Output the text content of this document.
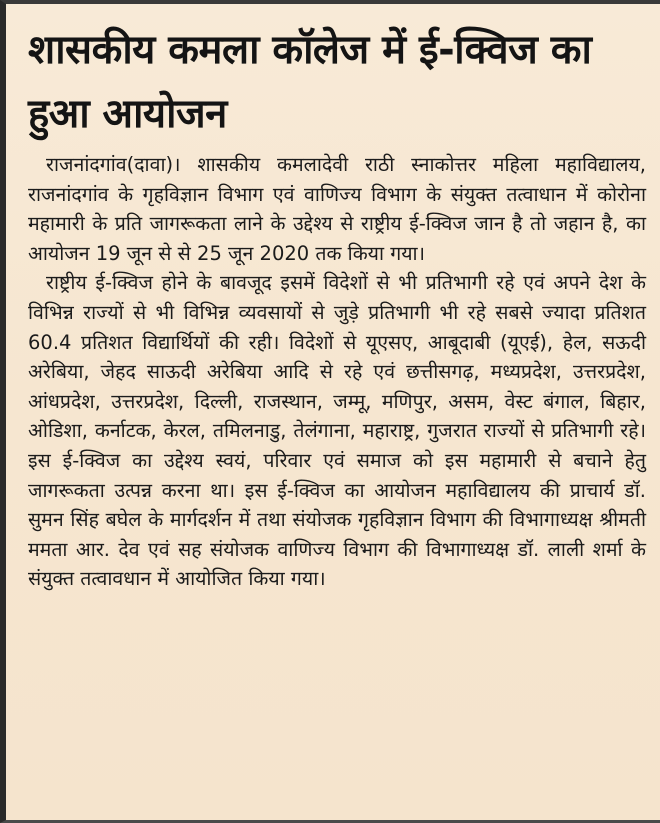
शासकीय कमला कॉलेज में ई-क्विज का हुआ आयोजन

राजनांदगांव(दावा)। शासकीय कमलादेवी राठी स्नाकोत्तर महिला महाविद्यालय, राजनांदगांव के गृहविज्ञान विभाग एवं वाणिज्य विभाग के संयुक्त तत्वाधान में कोरोना महामारी के प्रति जागरूकता लाने के उद्देश्य से राष्ट्रीय ई-क्विज जान है तो जहान है, का आयोजन 19 जून से से 25 जून 2020 तक किया गया।

राष्ट्रीय ई-क्विज होने के बावजूद इसमें विदेशों से भी प्रतिभागी रहे एवं अपने देश के विभिन्न राज्यों से भी विभिन्न व्यवसायों से जुड़े प्रतिभागी भी रहे सबसे ज्यादा प्रतिशत 60.4 प्रतिशत विद्यार्थियों की रही। विदेशों से यूएसए, आबूदाबी (यूएई), हेल, सऊदी अरेबिया, जेहद साऊदी अरेबिया आदि से रहे एवं छत्तीसगढ़, मध्यप्रदेश, उत्तरप्रदेश, आंधप्रदेश, उत्तरप्रदेश, दिल्ली, राजस्थान, जम्मू, मणिपुर, असम, वेस्ट बंगाल, बिहार, ओडिशा, कर्नाटक, केरल, तमिलनाडु, तेलंगाना, महाराष्ट्र, गुजरात राज्यों से प्रतिभागी रहे। इस ई-क्विज का उद्देश्य स्वयं, परिवार एवं समाज को इस महामारी से बचाने हेतु जागरूकता उत्पन्न करना था। इस ई-क्विज का आयोजन महाविद्यालय की प्राचार्य डॉ. सुमन सिंह बघेल के मार्गदर्शन में तथा संयोजक गृहविज्ञान विभाग की विभागाध्यक्ष श्रीमती ममता आर. देव एवं सह संयोजक वाणिज्य विभाग की विभागाध्यक्ष डॉ. लाली शर्मा के संयुक्त तत्वावधान में आयोजित किया गया।
